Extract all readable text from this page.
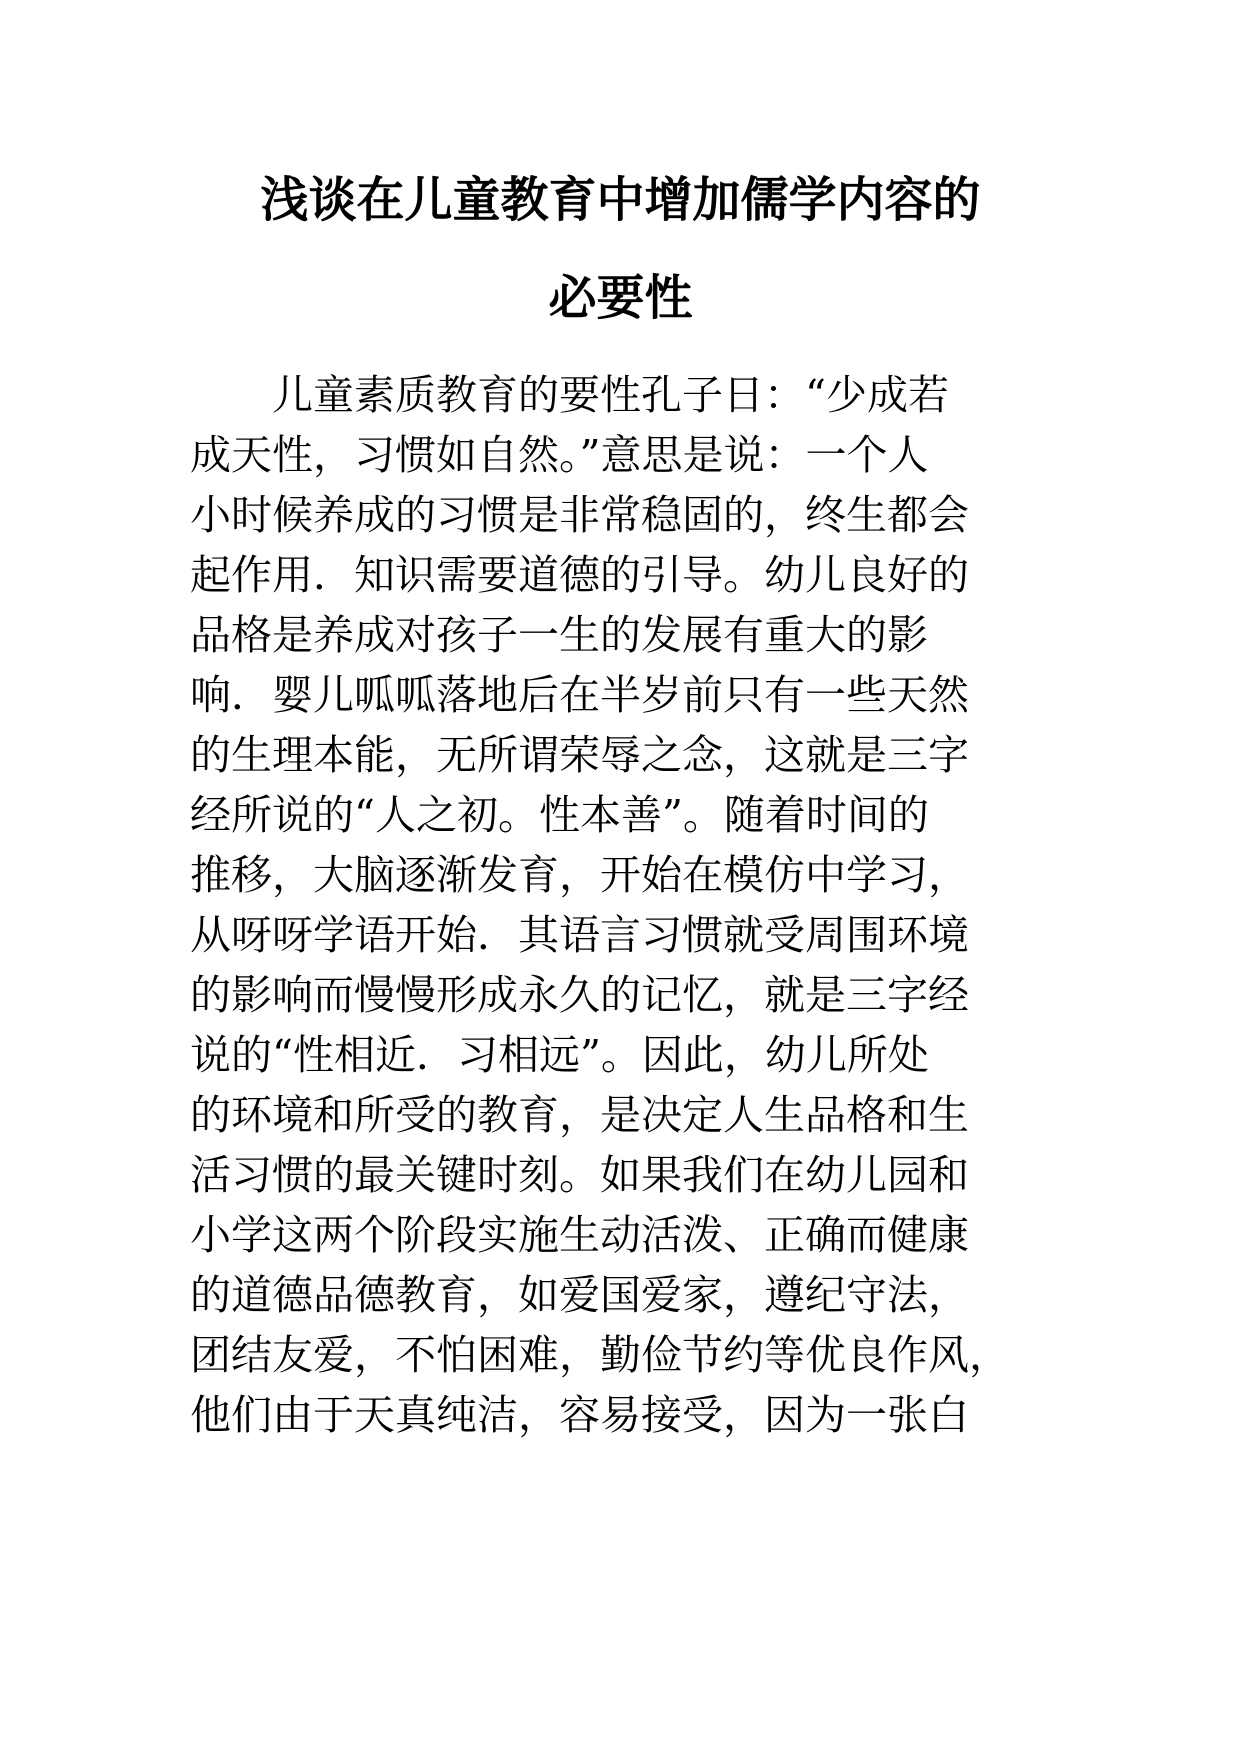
浅谈在儿童教育中增加儒学内容的
必要性
儿童素质教育的要性孔子日：“少成若
成天性，习惯如自然。”意思是说：一个人
小时候养成的习惯是非常稳固的，终生都会
起作用．知识需要道德的引导。幼儿良好的
品格是养成对孩子一生的发展有重大的影
响．婴儿呱呱落地后在半岁前只有一些天然
的生理本能，无所谓荣辱之念，这就是三字
经所说的“人之初。性本善”。随着时间的
推移，大脑逐渐发育，开始在模仿中学习，
从呀呀学语开始．其语言习惯就受周围环境
的影响而慢慢形成永久的记忆，就是三字经
说的“性相近．习相远”。因此，幼儿所处
的环境和所受的教育，是决定人生品格和生
活习惯的最关键时刻。如果我们在幼儿园和
小学这两个阶段实施生动活泼、正确而健康
的道德品德教育，如爱国爱家，遵纪守法，
团结友爱，不怕困难，勤俭节约等优良作风，
他们由于天真纯洁，容易接受，因为一张白
